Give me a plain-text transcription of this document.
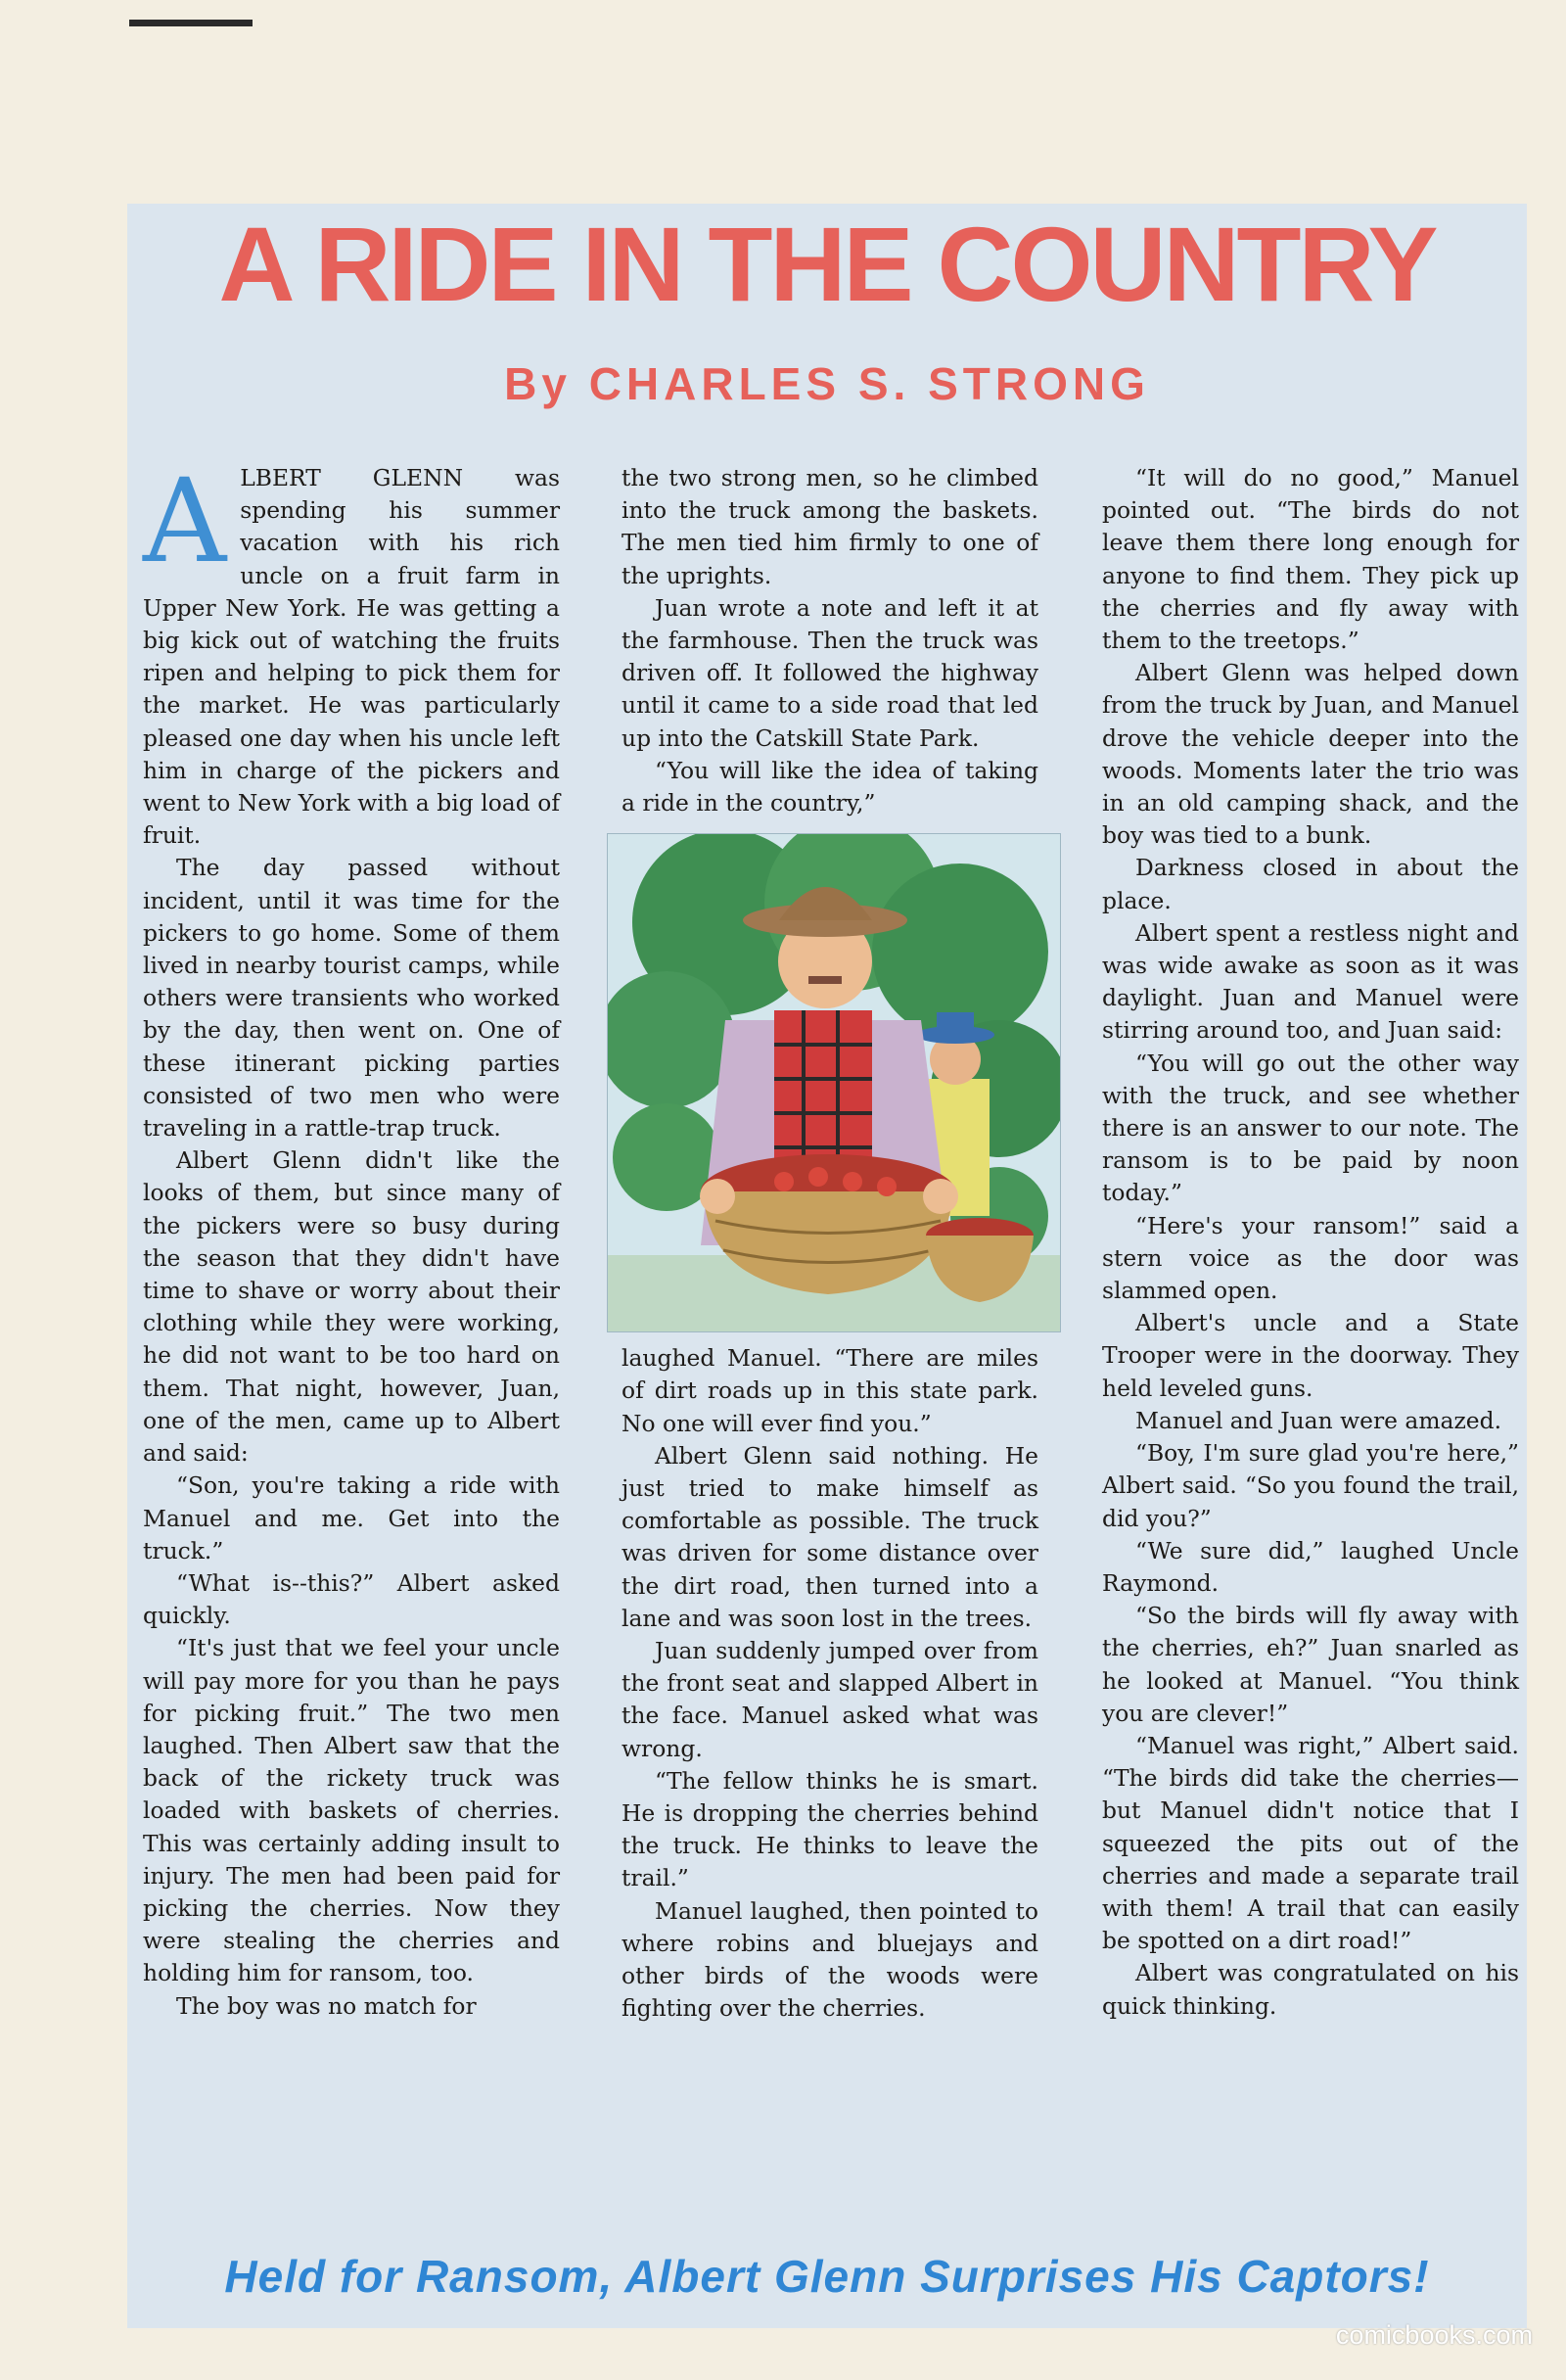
A RIDE IN THE COUNTRY
By CHARLES S. STRONG

ALBERT GLENN was spending his summer vacation with his rich uncle on a fruit farm in Upper New York. He was getting a big kick out of watching the fruits ripen and helping to pick them for the market. He was particularly pleased one day when his uncle left him in charge of the pickers and went to New York with a big load of fruit.

The day passed without incident, until it was time for the pickers to go home. Some of them lived in nearby tourist camps, while others were transients who worked by the day, then went on. One of these itinerant picking parties consisted of two men who were traveling in a rattle-trap truck.

Albert Glenn didn't like the looks of them, but since many of the pickers were so busy during the season that they didn't have time to shave or worry about their clothing while they were working, he did not want to be too hard on them. That night, however, Juan, one of the men, came up to Albert and said:

“Son, you're taking a ride with Manuel and me. Get into the truck.”

“What is--this?” Albert asked quickly.

“It's just that we feel your uncle will pay more for you than he pays for picking fruit.” The two men laughed. Then Albert saw that the back of the rickety truck was loaded with baskets of cherries. This was certainly adding insult to injury. The men had been paid for picking the cherries. Now they were stealing the cherries and holding him for ransom, too.

The boy was no match for

the two strong men, so he climbed into the truck among the baskets. The men tied him firmly to one of the uprights.

Juan wrote a note and left it at the farmhouse. Then the truck was driven off. It followed the highway until it came to a side road that led up into the Catskill State Park.

“You will like the idea of taking a ride in the country,”

laughed Manuel. “There are miles of dirt roads up in this state park. No one will ever find you.”

Albert Glenn said nothing. He just tried to make himself as comfortable as possible. The truck was driven for some distance over the dirt road, then turned into a lane and was soon lost in the trees.

Juan suddenly jumped over from the front seat and slapped Albert in the face. Manuel asked what was wrong.

“The fellow thinks he is smart. He is dropping the cherries behind the truck. He thinks to leave the trail.”

Manuel laughed, then pointed to where robins and bluejays and other birds of the woods were fighting over the cherries.

“It will do no good,” Manuel pointed out. “The birds do not leave them there long enough for anyone to find them. They pick up the cherries and fly away with them to the treetops.”

Albert Glenn was helped down from the truck by Juan, and Manuel drove the vehicle deeper into the woods. Moments later the trio was in an old camping shack, and the boy was tied to a bunk.

Darkness closed in about the place.

Albert spent a restless night and was wide awake as soon as it was daylight. Juan and Manuel were stirring around too, and Juan said:

“You will go out the other way with the truck, and see whether there is an answer to our note. The ransom is to be paid by noon today.”

“Here's your ransom!” said a stern voice as the door was slammed open.

Albert's uncle and a State Trooper were in the doorway. They held leveled guns.

Manuel and Juan were amazed.

“Boy, I'm sure glad you're here,” Albert said. “So you found the trail, did you?”

“We sure did,” laughed Uncle Raymond.

“So the birds will fly away with the cherries, eh?” Juan snarled as he looked at Manuel. “You think you are clever!”

“Manuel was right,” Albert said. “The birds did take the cherries—but Manuel didn't notice that I squeezed the pits out of the cherries and made a separate trail with them! A trail that can easily be spotted on a dirt road!”

Albert was congratulated on his quick thinking.

Held for Ransom, Albert Glenn Surprises His Captors!
comicbooks.com
